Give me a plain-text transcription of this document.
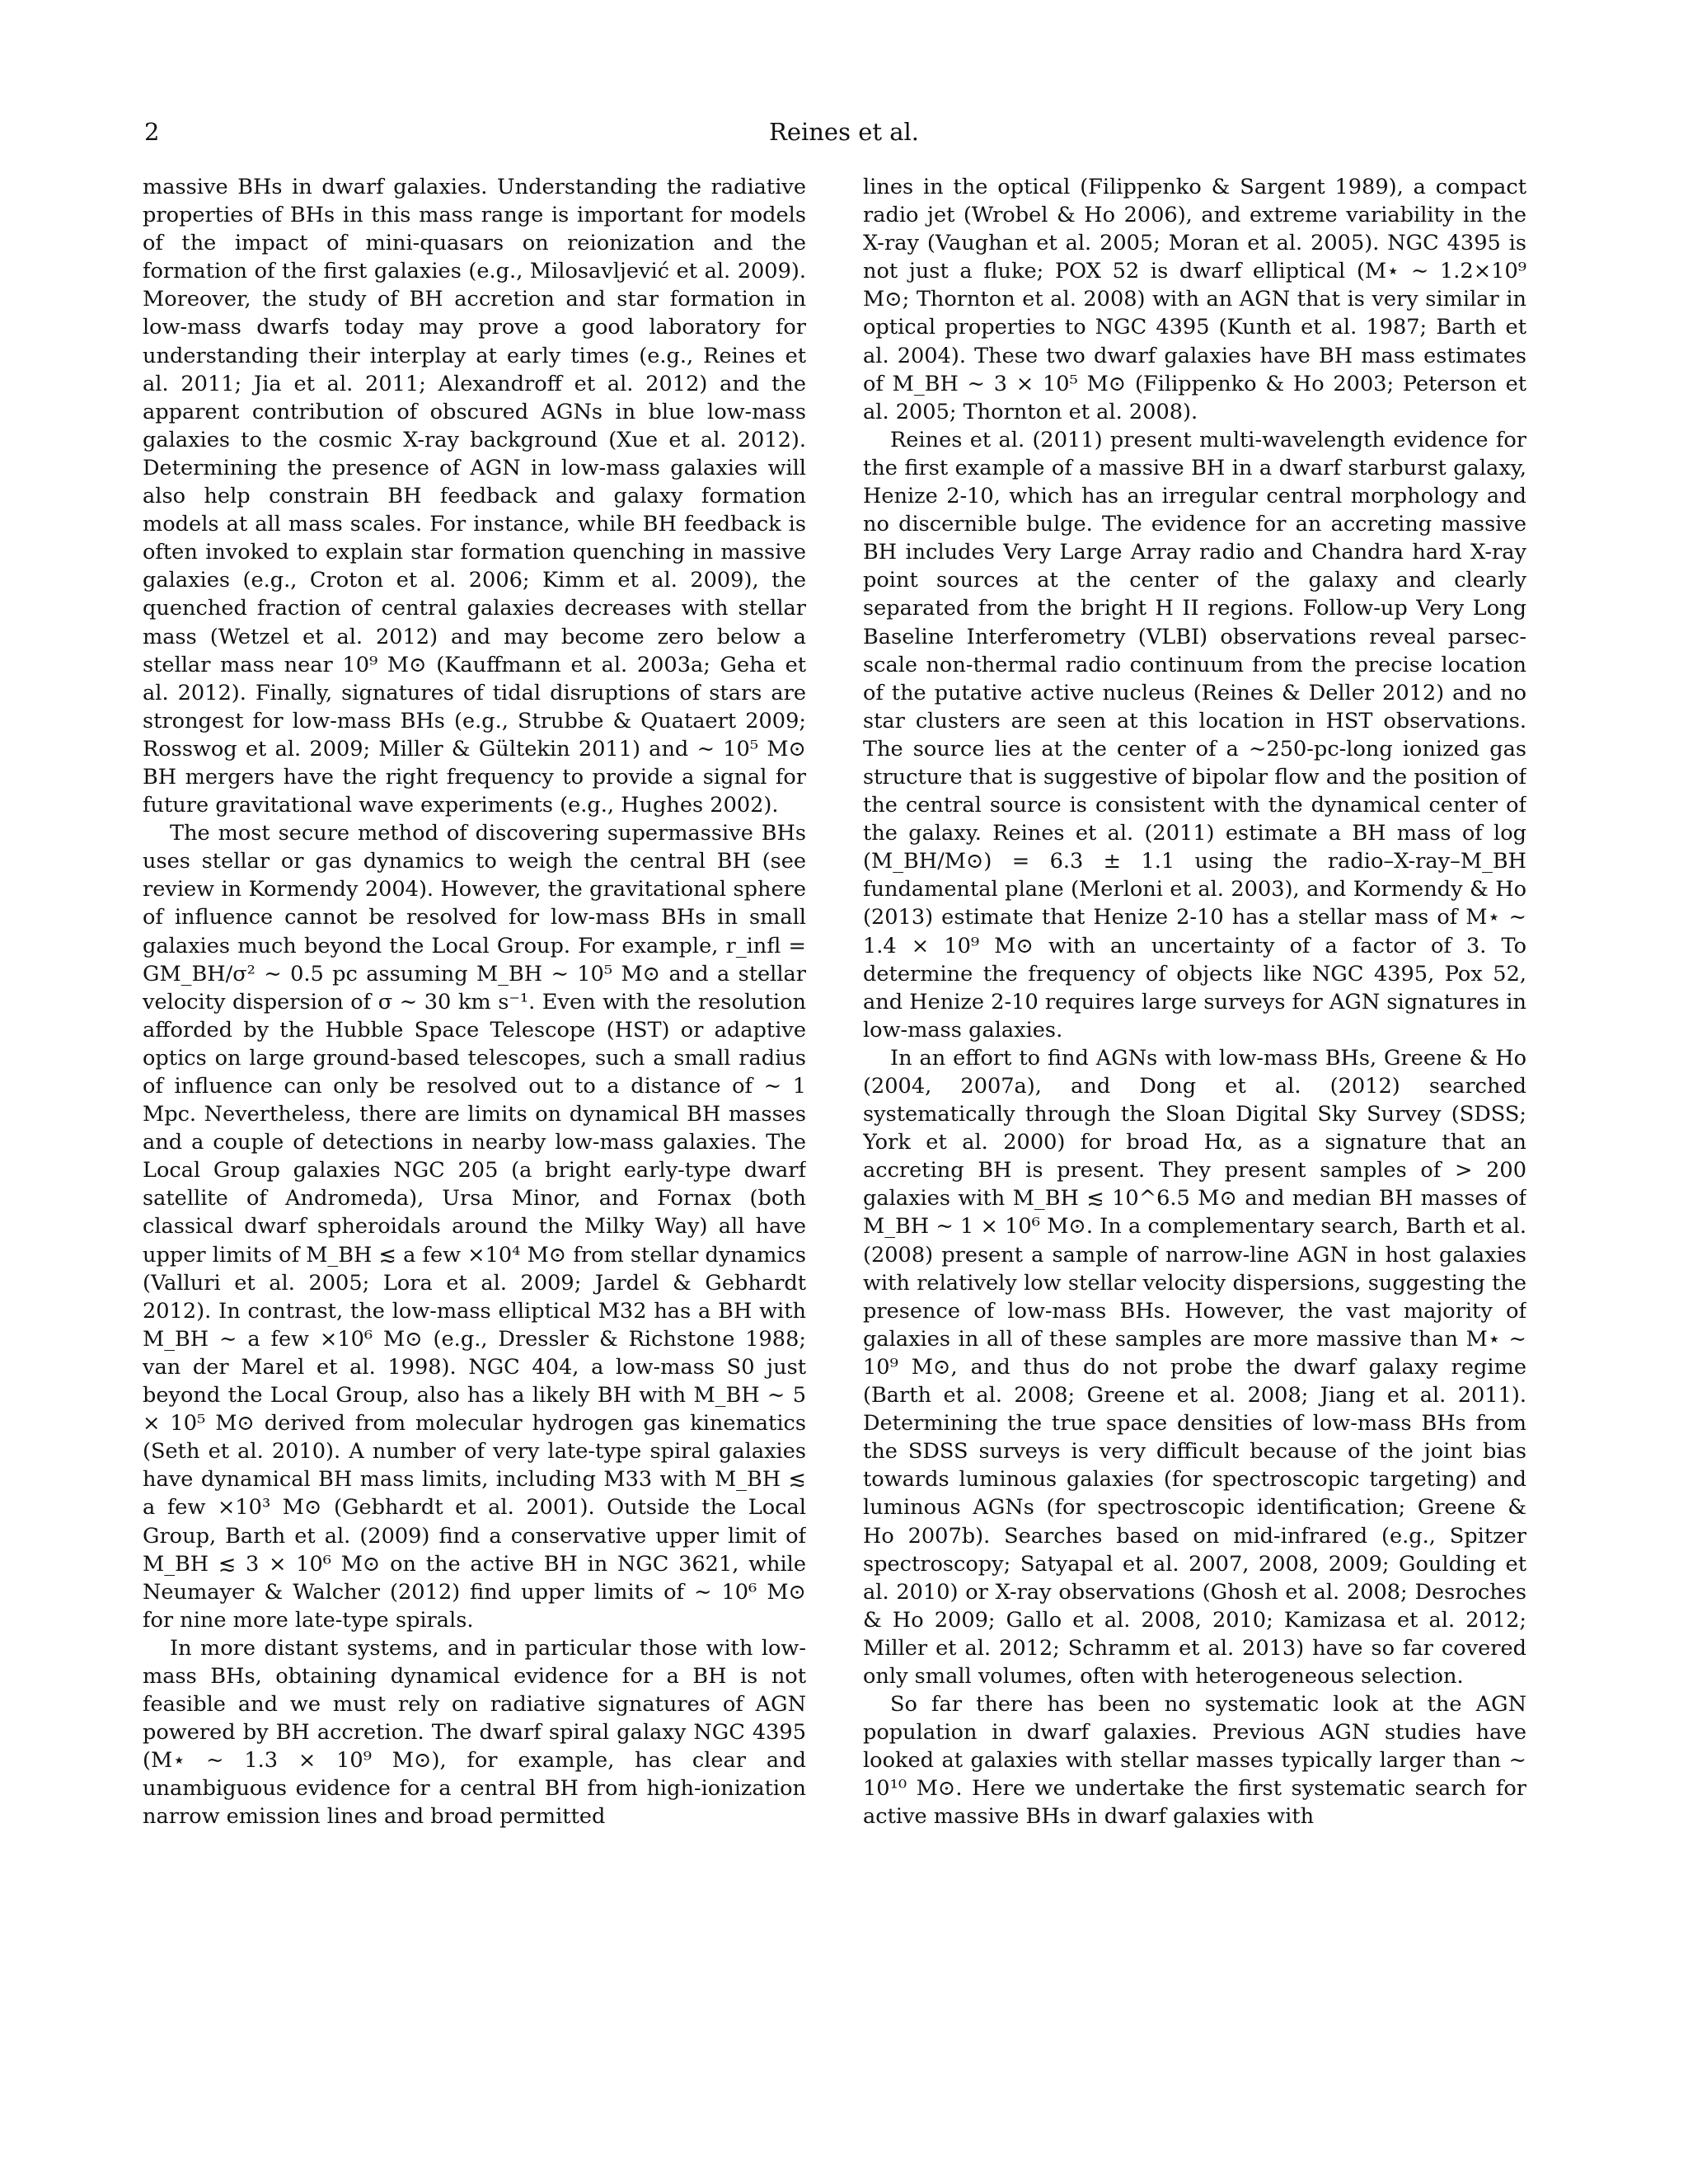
2	Reines et al.

massive BHs in dwarf galaxies. Understanding the radiative properties of BHs in this mass range is important for models of the impact of mini-quasars on reionization and the formation of the first galaxies (e.g., Milosavljević et al. 2009). Moreover, the study of BH accretion and star formation in low-mass dwarfs today may prove a good laboratory for understanding their interplay at early times (e.g., Reines et al. 2011; Jia et al. 2011; Alexandroff et al. 2012) and the apparent contribution of obscured AGNs in blue low-mass galaxies to the cosmic X-ray background (Xue et al. 2012). Determining the presence of AGN in low-mass galaxies will also help constrain BH feedback and galaxy formation models at all mass scales. For instance, while BH feedback is often invoked to explain star formation quenching in massive galaxies (e.g., Croton et al. 2006; Kimm et al. 2009), the quenched fraction of central galaxies decreases with stellar mass (Wetzel et al. 2012) and may become zero below a stellar mass near 10⁹ M⊙ (Kauffmann et al. 2003a; Geha et al. 2012). Finally, signatures of tidal disruptions of stars are strongest for low-mass BHs (e.g., Strubbe & Quataert 2009; Rosswog et al. 2009; Miller & Gültekin 2011) and ∼ 10⁵ M⊙ BH mergers have the right frequency to provide a signal for future gravitational wave experiments (e.g., Hughes 2002).

The most secure method of discovering supermassive BHs uses stellar or gas dynamics to weigh the central BH (see review in Kormendy 2004). However, the gravitational sphere of influence cannot be resolved for low-mass BHs in small galaxies much beyond the Local Group. For example, r_infl = GM_BH/σ² ∼ 0.5 pc assuming M_BH ∼ 10⁵ M⊙ and a stellar velocity dispersion of σ ∼ 30 km s⁻¹. Even with the resolution afforded by the Hubble Space Telescope (HST) or adaptive optics on large ground-based telescopes, such a small radius of influence can only be resolved out to a distance of ∼ 1 Mpc. Nevertheless, there are limits on dynamical BH masses and a couple of detections in nearby low-mass galaxies. The Local Group galaxies NGC 205 (a bright early-type dwarf satellite of Andromeda), Ursa Minor, and Fornax (both classical dwarf spheroidals around the Milky Way) all have upper limits of M_BH ≲ a few ×10⁴ M⊙ from stellar dynamics (Valluri et al. 2005; Lora et al. 2009; Jardel & Gebhardt 2012). In contrast, the low-mass elliptical M32 has a BH with M_BH ∼ a few ×10⁶ M⊙ (e.g., Dressler & Richstone 1988; van der Marel et al. 1998). NGC 404, a low-mass S0 just beyond the Local Group, also has a likely BH with M_BH ∼ 5 × 10⁵ M⊙ derived from molecular hydrogen gas kinematics (Seth et al. 2010). A number of very late-type spiral galaxies have dynamical BH mass limits, including M33 with M_BH ≲ a few ×10³ M⊙ (Gebhardt et al. 2001). Outside the Local Group, Barth et al. (2009) find a conservative upper limit of M_BH ≲ 3 × 10⁶ M⊙ on the active BH in NGC 3621, while Neumayer & Walcher (2012) find upper limits of ∼ 10⁶ M⊙ for nine more late-type spirals.

In more distant systems, and in particular those with low-mass BHs, obtaining dynamical evidence for a BH is not feasible and we must rely on radiative signatures of AGN powered by BH accretion. The dwarf spiral galaxy NGC 4395 (M⋆ ∼ 1.3 × 10⁹ M⊙), for example, has clear and unambiguous evidence for a central BH from high-ionization narrow emission lines and broad permitted

lines in the optical (Filippenko & Sargent 1989), a compact radio jet (Wrobel & Ho 2006), and extreme variability in the X-ray (Vaughan et al. 2005; Moran et al. 2005). NGC 4395 is not just a fluke; POX 52 is dwarf elliptical (M⋆ ∼ 1.2×10⁹ M⊙; Thornton et al. 2008) with an AGN that is very similar in optical properties to NGC 4395 (Kunth et al. 1987; Barth et al. 2004). These two dwarf galaxies have BH mass estimates of M_BH ∼ 3 × 10⁵ M⊙ (Filippenko & Ho 2003; Peterson et al. 2005; Thornton et al. 2008).

Reines et al. (2011) present multi-wavelength evidence for the first example of a massive BH in a dwarf starburst galaxy, Henize 2-10, which has an irregular central morphology and no discernible bulge. The evidence for an accreting massive BH includes Very Large Array radio and Chandra hard X-ray point sources at the center of the galaxy and clearly separated from the bright H II regions. Follow-up Very Long Baseline Interferometry (VLBI) observations reveal parsec-scale non-thermal radio continuum from the precise location of the putative active nucleus (Reines & Deller 2012) and no star clusters are seen at this location in HST observations. The source lies at the center of a ∼250-pc-long ionized gas structure that is suggestive of bipolar flow and the position of the central source is consistent with the dynamical center of the galaxy. Reines et al. (2011) estimate a BH mass of log (M_BH/M⊙) = 6.3 ± 1.1 using the radio–X-ray–M_BH fundamental plane (Merloni et al. 2003), and Kormendy & Ho (2013) estimate that Henize 2-10 has a stellar mass of M⋆ ∼ 1.4 × 10⁹ M⊙ with an uncertainty of a factor of 3. To determine the frequency of objects like NGC 4395, Pox 52, and Henize 2-10 requires large surveys for AGN signatures in low-mass galaxies.

In an effort to find AGNs with low-mass BHs, Greene & Ho (2004, 2007a), and Dong et al. (2012) searched systematically through the Sloan Digital Sky Survey (SDSS; York et al. 2000) for broad Hα, as a signature that an accreting BH is present. They present samples of > 200 galaxies with M_BH ≲ 10^6.5 M⊙ and median BH masses of M_BH ∼ 1 × 10⁶ M⊙. In a complementary search, Barth et al. (2008) present a sample of narrow-line AGN in host galaxies with relatively low stellar velocity dispersions, suggesting the presence of low-mass BHs. However, the vast majority of galaxies in all of these samples are more massive than M⋆ ∼ 10⁹ M⊙, and thus do not probe the dwarf galaxy regime (Barth et al. 2008; Greene et al. 2008; Jiang et al. 2011). Determining the true space densities of low-mass BHs from the SDSS surveys is very difficult because of the joint bias towards luminous galaxies (for spectroscopic targeting) and luminous AGNs (for spectroscopic identification; Greene & Ho 2007b). Searches based on mid-infrared (e.g., Spitzer spectroscopy; Satyapal et al. 2007, 2008, 2009; Goulding et al. 2010) or X-ray observations (Ghosh et al. 2008; Desroches & Ho 2009; Gallo et al. 2008, 2010; Kamizasa et al. 2012; Miller et al. 2012; Schramm et al. 2013) have so far covered only small volumes, often with heterogeneous selection.

So far there has been no systematic look at the AGN population in dwarf galaxies. Previous AGN studies have looked at galaxies with stellar masses typically larger than ∼ 10¹⁰ M⊙. Here we undertake the first systematic search for active massive BHs in dwarf galaxies with
